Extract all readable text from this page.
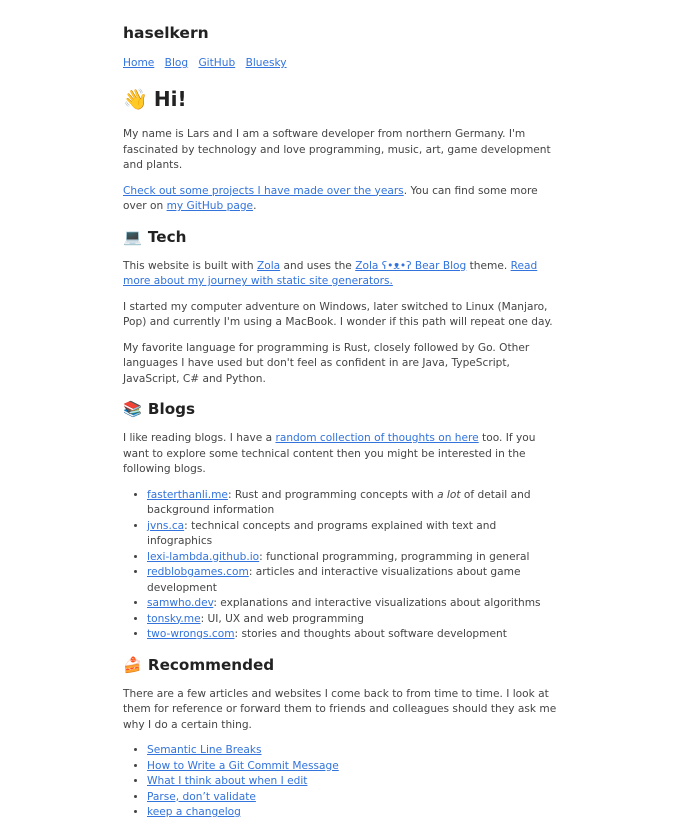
haselkern
Home Blog GitHub Bluesky
👋 Hi!

My name is Lars and I am a software developer from northern Germany. I'm fascinated by technology and love programming, music, art, game development and plants.

Check out some projects I have made over the years. You can find some more over on my GitHub page.

💻 Tech

This website is built with Zola and uses the Zola ʕ•ᴥ•ʔ Bear Blog theme. Read more about my journey with static site generators.

I started my computer adventure on Windows, later switched to Linux (Manjaro, Pop) and currently I'm using a MacBook. I wonder if this path will repeat one day.

My favorite language for programming is Rust, closely followed by Go. Other languages I have used but don't feel as confident in are Java, TypeScript, JavaScript, C# and Python.

📚 Blogs

I like reading blogs. I have a random collection of thoughts on here too. If you want to explore some technical content then you might be interested in the following blogs.

• fasterthanli.me: Rust and programming concepts with a lot of detail and background information
• jvns.ca: technical concepts and programs explained with text and infographics
• lexi-lambda.github.io: functional programming, programming in general
• redblobgames.com: articles and interactive visualizations about game development
• samwho.dev: explanations and interactive visualizations about algorithms
• tonsky.me: UI, UX and web programming
• two-wrongs.com: stories and thoughts about software development
🍰 Recommended

There are a few articles and websites I come back to from time to time. I look at them for reference or forward them to friends and colleagues should they ask me why I do a certain thing.

• Semantic Line Breaks
• How to Write a Git Commit Message
• What I think about when I edit
• Parse, don’t validate
• keep a changelog
